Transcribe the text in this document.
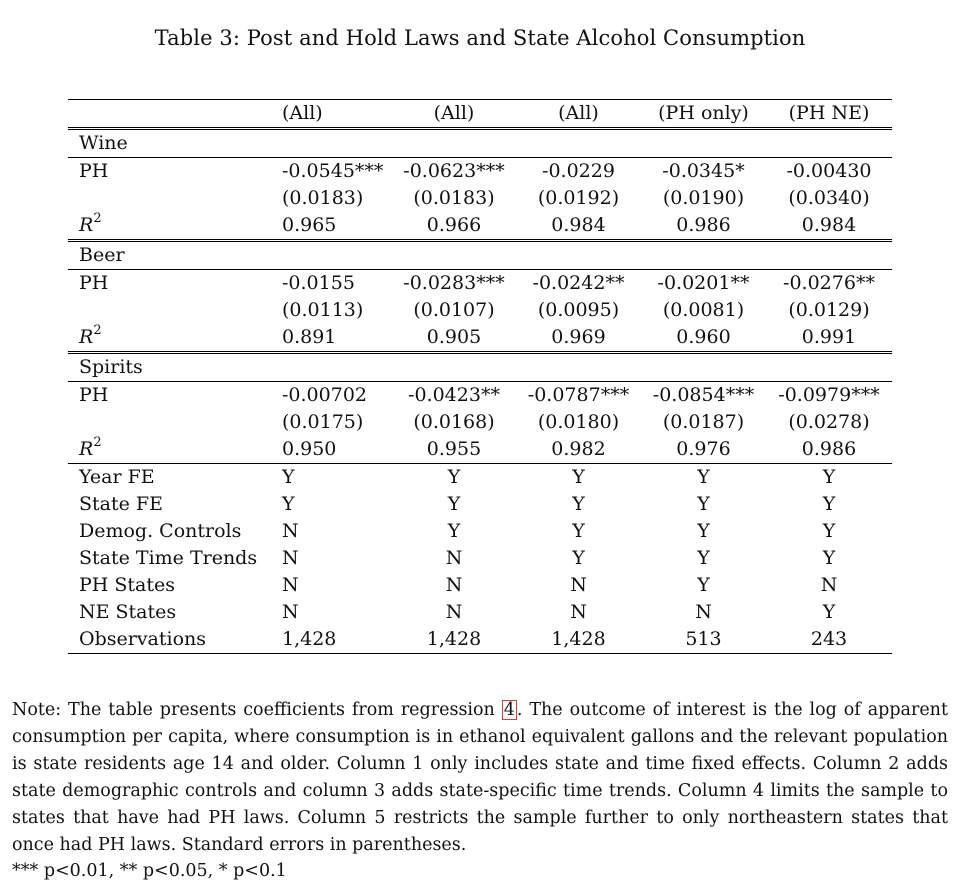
Table 3: Post and Hold Laws and State Alcohol Consumption
	(All)	(All)	(All)	(PH only)	(PH NE)
Wine					
PH	-0.0545***	-0.0623***	-0.0229	-0.0345*	-0.00430
	(0.0183)	(0.0183)	(0.0192)	(0.0190)	(0.0340)
$R^2$	0.965	0.966	0.984	0.986	0.984
Beer					
PH	-0.0155	-0.0283***	-0.0242**	-0.0201**	-0.0276**
	(0.0113)	(0.0107)	(0.0095)	(0.0081)	(0.0129)
$R^2$	0.891	0.905	0.969	0.960	0.991
Spirits					
PH	-0.00702	-0.0423**	-0.0787***	-0.0854***	-0.0979***
	(0.0175)	(0.0168)	(0.0180)	(0.0187)	(0.0278)
$R^2$	0.950	0.955	0.982	0.976	0.986
Year FE	Y	Y	Y	Y	Y
State FE	Y	Y	Y	Y	Y
Demog. Controls	N	Y	Y	Y	Y
State Time Trends	N	N	Y	Y	Y
PH States	N	N	N	Y	N
NE States	N	N	N	N	Y
Observations	1,428	1,428	1,428	513	243
Note: The table presents coefficients from regression 4 . The outcome of interest is the log of apparent consumption per capita, where consumption is in ethanol equivalent gallons and the relevant population is state residents age 14 and older. Column 1 only includes state and time fixed effects. Column 2 adds state demographic controls and column 3 adds state-specific time trends. Column 4 limits the sample to states that have had PH laws. Column 5 restricts the sample further to only northeastern states that once had PH laws. Standard errors in parentheses.
*** p<0.01, ** p<0.05, * p<0.1
